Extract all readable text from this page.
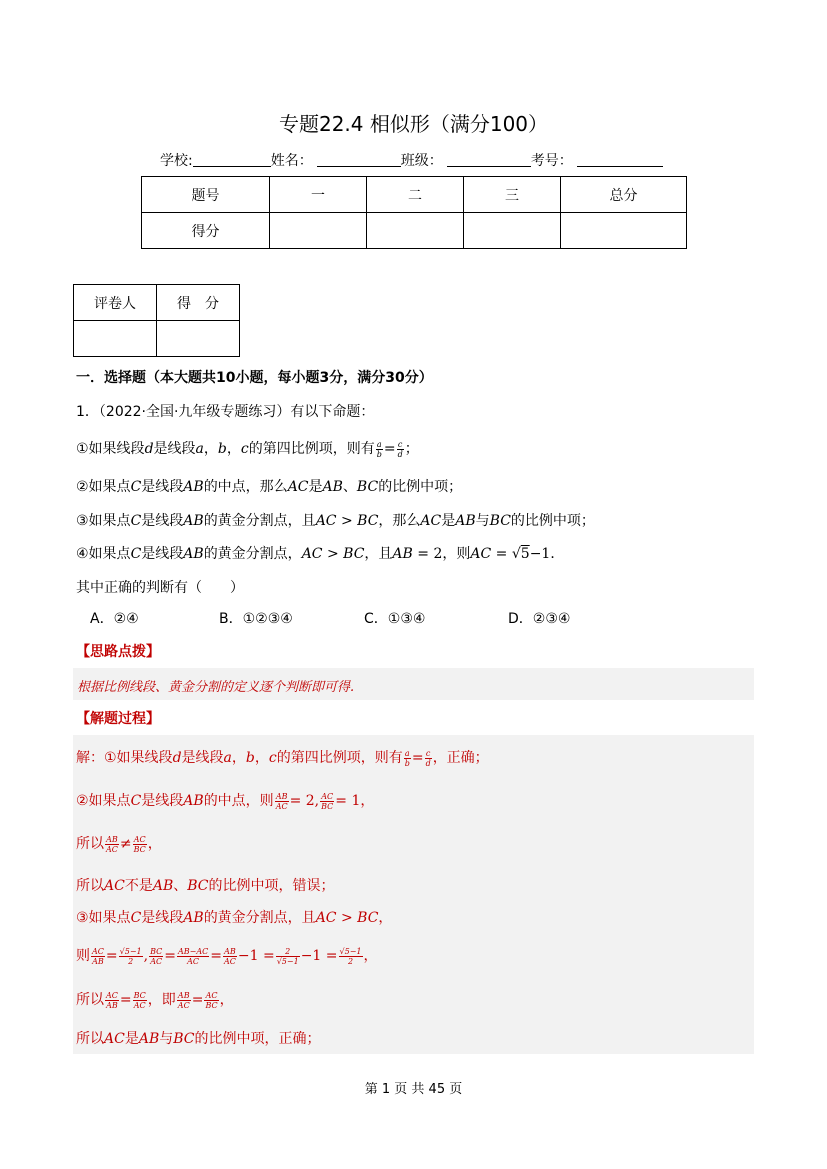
专题22.4 相似形（满分100）
学校:	姓名：	班级：	考号：
题号	一	二	三	总分
得分				
评卷人	得　分

一．选择题（本大题共10小题，每小题3分，满分30分）
1．（2022·全国·九年级专题练习）有以下命题：
①如果线段d是线段a，b，c的第四比例项，则有 $\frac{a}{b} = \frac{c}{d}$ ；
②如果点C是线段AB的中点，那么AC是AB、BC的比例中项；
③如果点C是线段AB的黄金分割点，且AC > BC，那么AC是AB与BC的比例中项；
④如果点C是线段AB的黄金分割点，AC > BC，且AB = 2，则AC = √5−1．
其中正确的判断有（　　）
A．②④	B．①②③④	C．①③④	D．②③④
【思路点拨】
根据比例线段、黄金分割的定义逐个判断即可得.
【解题过程】
解：①如果线段d是线段a，b，c的第四比例项，则有 $\frac{a}{b} = \frac{c}{d}$ ，正确；
②如果点C是线段AB的中点，则 $\frac{AB}{AC} = 2$, $\frac{AC}{BC} = 1$，
所以 $\frac{AB}{AC} \ne \frac{AC}{BC}$ ，
所以AC不是AB、BC的比例中项，错误；
③如果点C是线段AB的黄金分割点，且AC > BC，
则 $\frac{AC}{AB} = \frac{√5-1}{2}$ , $\frac{BC}{AC} = \frac{AB-AC}{AC} = \frac{AB}{AC} -1 = \frac{2}{√5-1} -1 = \frac{√5-1}{2}$ ，
所以 $\frac{AC}{AB} = \frac{BC}{AC}$ ，即 $\frac{AB}{AC} = \frac{AC}{BC}$ ，
所以AC是AB与BC的比例中项，正确；
第 1 页 共 45 页
